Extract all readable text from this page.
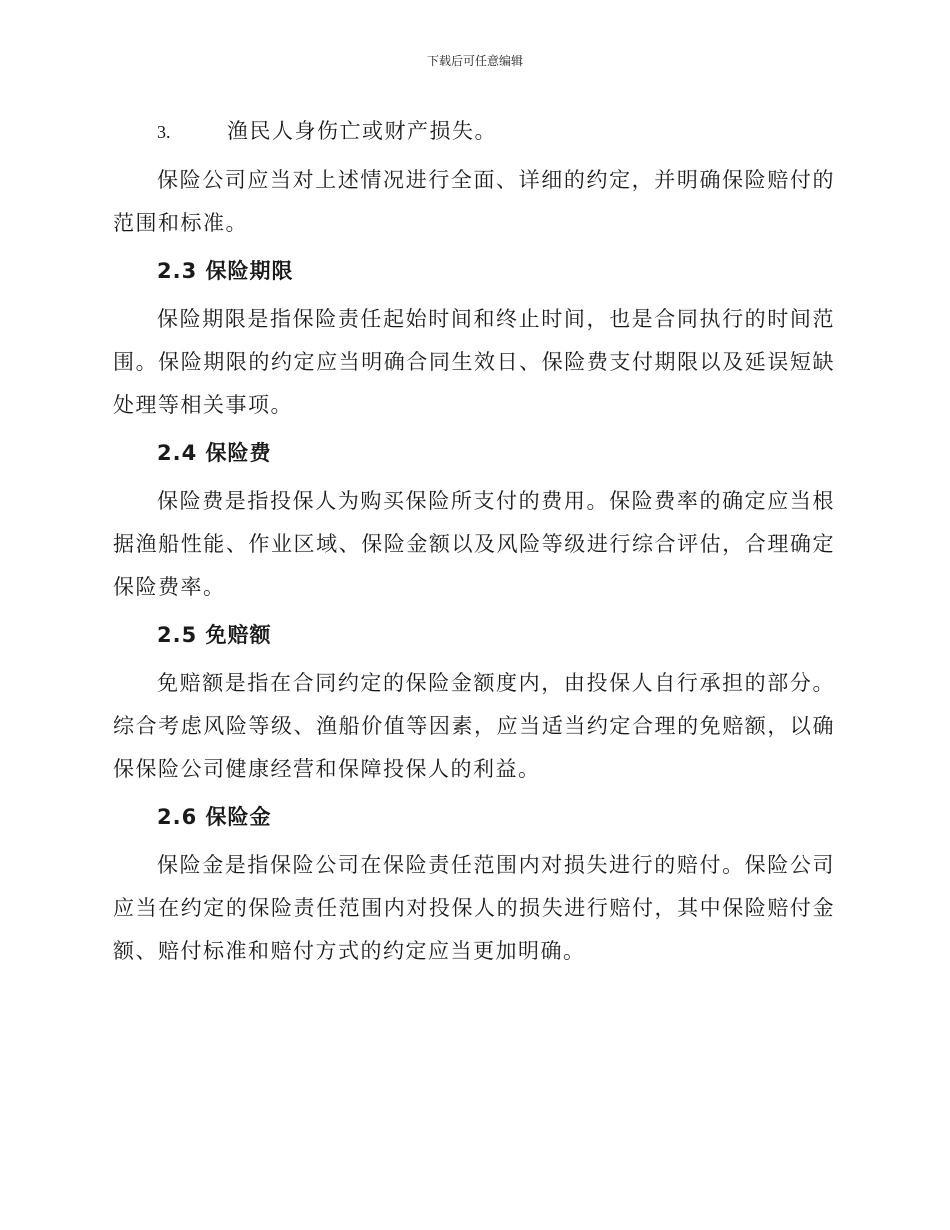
下载后可任意编辑
3.	渔民人身伤亡或财产损失。

保险公司应当对上述情况进行全面、详细的约定，并明确保险赔付的范围和标准。

2.3 保险期限

保险期限是指保险责任起始时间和终止时间，也是合同执行的时间范围。保险期限的约定应当明确合同生效日、保险费支付期限以及延误短缺处理等相关事项。

2.4 保险费

保险费是指投保人为购买保险所支付的费用。保险费率的确定应当根据渔船性能、作业区域、保险金额以及风险等级进行综合评估，合理确定保险费率。

2.5 免赔额

免赔额是指在合同约定的保险金额度内，由投保人自行承担的部分。综合考虑风险等级、渔船价值等因素，应当适当约定合理的免赔额，以确保保险公司健康经营和保障投保人的利益。

2.6 保险金

保险金是指保险公司在保险责任范围内对损失进行的赔付。保险公司应当在约定的保险责任范围内对投保人的损失进行赔付，其中保险赔付金额、赔付标准和赔付方式的约定应当更加明确。
